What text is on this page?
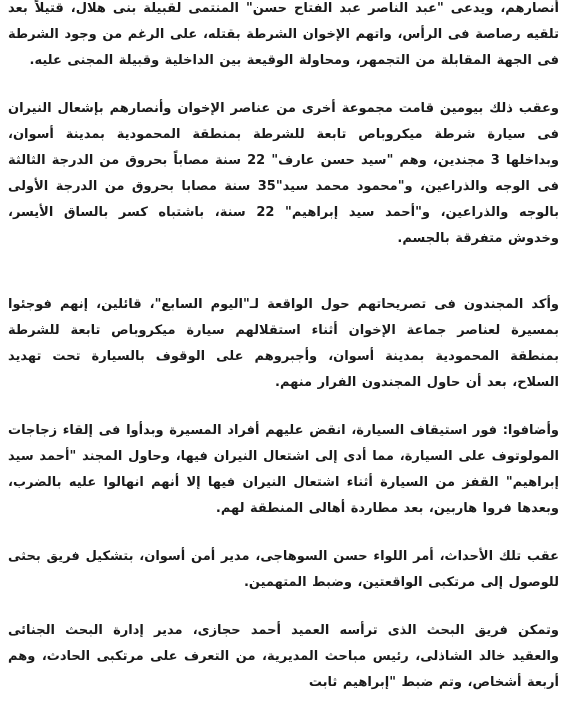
أنصارهم، ويدعى "عبد الناصر عبد الفتاح حسن" المنتمى لقبيلة بنى هلال، قتيلاً بعد تلقيه رصاصة فى الرأس، واتهم الإخوان الشرطة بقتله، على الرغم من وجود الشرطة فى الجهة المقابلة من التجمهر، ومحاولة الوقيعة بين الداخلية وقبيلة المجنى عليه.

وعقب ذلك بيومين قامت مجموعة أخرى من عناصر الإخوان وأنصارهم بإشعال النيران فى سيارة شرطة ميكروباص تابعة للشرطة بمنطقة المحمودية بمدينة أسوان، وبداخلها 3 مجندين، وهم "سيد حسن عارف" 22 سنة مصاباً بحروق من الدرجة الثالثة فى الوجه والذراعين، و"محمود محمد سيد"35 سنة مصابا بحروق من الدرجة الأولى بالوجه والذراعين، و"أحمد سيد إبراهيم" 22 سنة، باشتباه كسر بالساق الأيسر، وخدوش متفرقة بالجسم.

وأكد المجندون فى تصريحاتهم حول الواقعة لـ"اليوم السابع"، قائلين، إنهم فوجئوا بمسيرة لعناصر جماعة الإخوان أثناء استقلالهم سيارة ميكروباص تابعة للشرطة بمنطقة المحمودية بمدينة أسوان، وأجبروهم على الوقوف بالسيارة تحت تهديد السلاح، بعد أن حاول المجندون الفرار منهم.

وأضافوا: فور استيقاف السيارة، انقض عليهم أفراد المسيرة وبدأوا فى إلقاء زجاجات المولوتوف على السيارة، مما أدى إلى اشتعال النيران فيها، وحاول المجند "أحمد سيد إبراهيم" القفز من السيارة أثناء اشتعال النيران فيها إلا أنهم انهالوا عليه بالضرب، وبعدها فروا هاربين، بعد مطاردة أهالى المنطقة لهم.

عقب تلك الأحداث، أمر اللواء حسن السوهاجى، مدير أمن أسوان، بتشكيل فريق بحثى للوصول إلى مرتكبى الواقعتين، وضبط المتهمين.

وتمكن فريق البحث الذى ترأسه العميد أحمد حجازى، مدير إدارة البحث الجنائى والعقيد خالد الشاذلى، رئيس مباحث المديرية، من التعرف على مرتكبى الحادث، وهم أربعة أشخاص، وتم ضبط "إبراهيم ثابت
